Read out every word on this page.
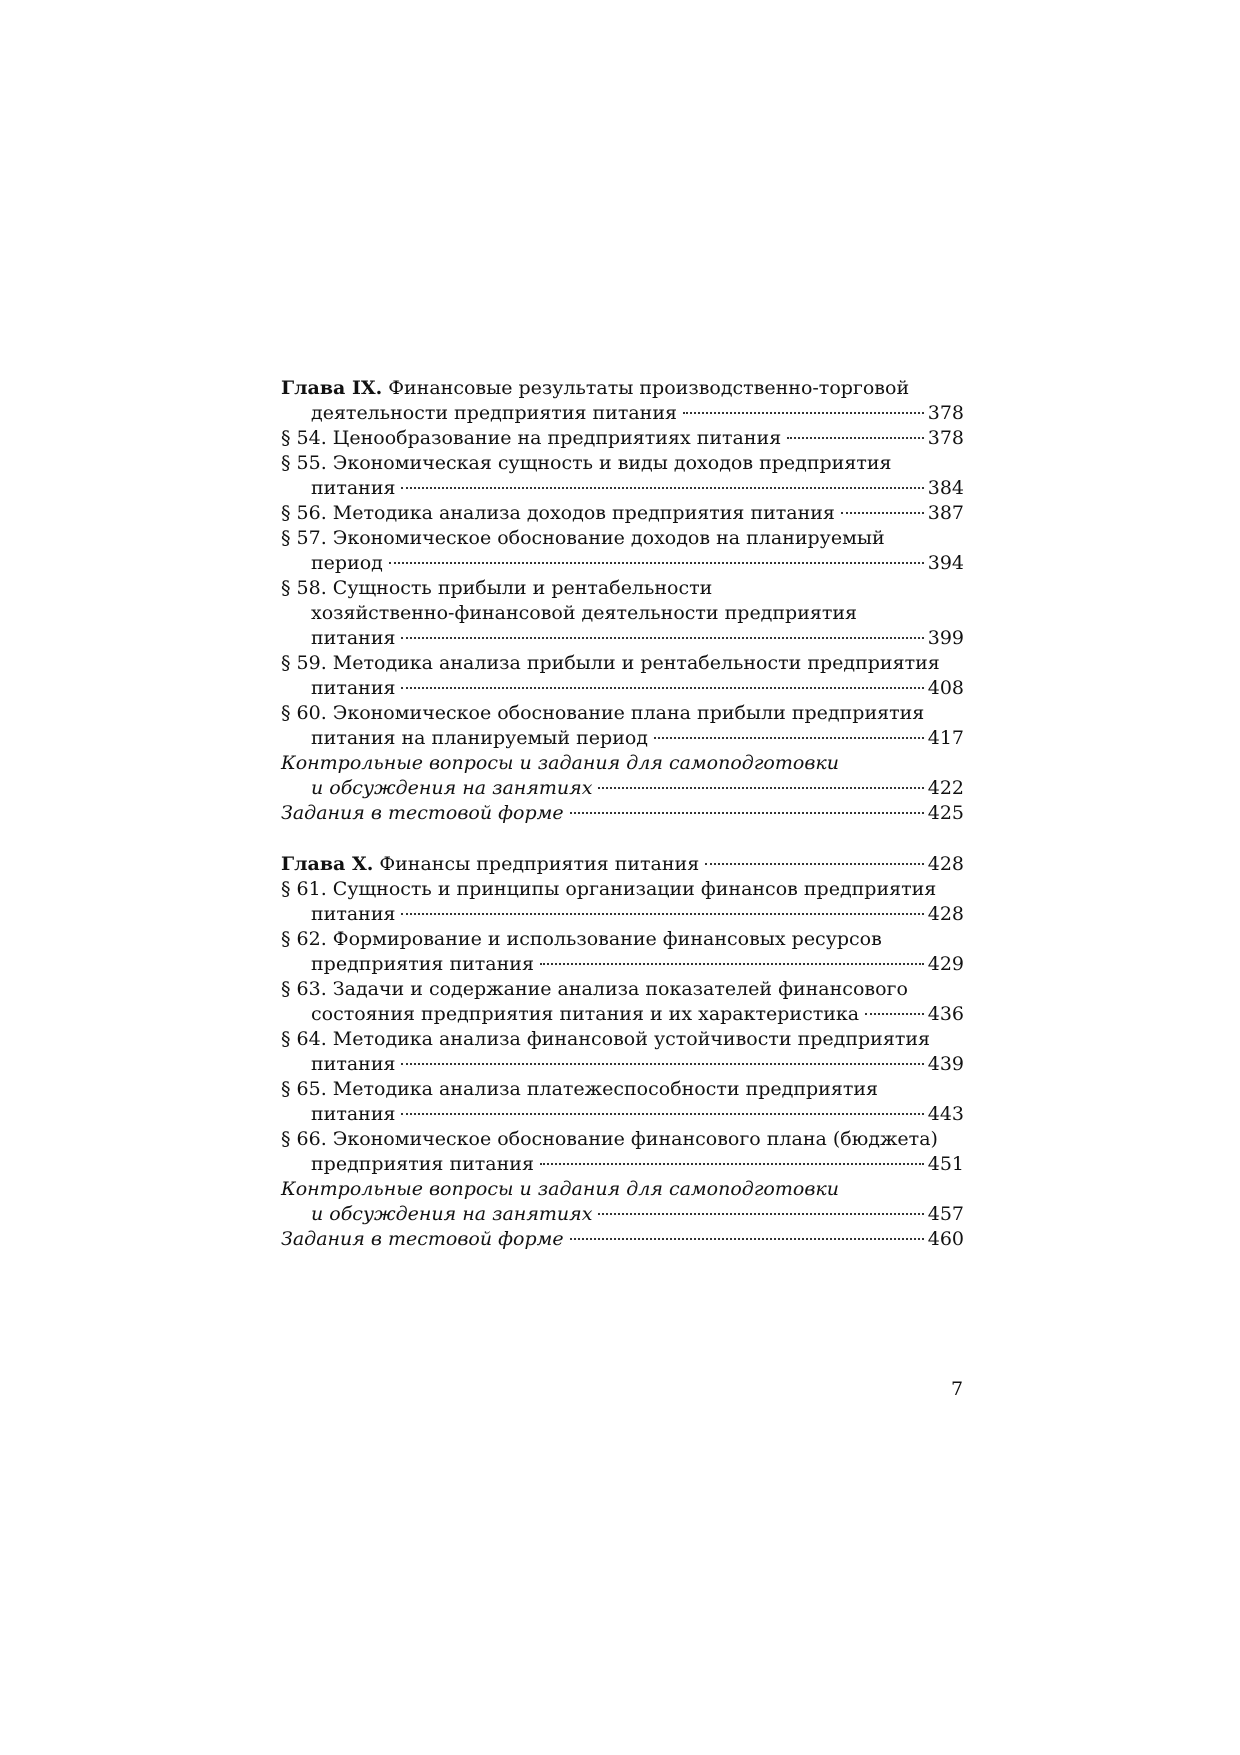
Глава IX. Финансовые результаты производственно-торговой
деятельности предприятия питания	378
§ 54. Ценообразование на предприятиях питания	378
§ 55. Экономическая сущность и виды доходов предприятия
питания	384
§ 56. Методика анализа доходов предприятия питания	387
§ 57. Экономическое обоснование доходов на планируемый
период	394
§ 58. Сущность прибыли и рентабельности
хозяйственно-финансовой деятельности предприятия
питания	399
§ 59. Методика анализа прибыли и рентабельности предприятия
питания	408
§ 60. Экономическое обоснование плана прибыли предприятия
питания на планируемый период	417
Контрольные вопросы и задания для самоподготовки
и обсуждения на занятиях	422
Задания в тестовой форме	425
Глава X. Финансы предприятия питания	428
§ 61. Сущность и принципы организации финансов предприятия
питания	428
§ 62. Формирование и использование финансовых ресурсов
предприятия питания	429
§ 63. Задачи и содержание анализа показателей финансового
состояния предприятия питания и их характеристика	436
§ 64. Методика анализа финансовой устойчивости предприятия
питания	439
§ 65. Методика анализа платежеспособности предприятия
питания	443
§ 66. Экономическое обоснование финансового плана (бюджета)
предприятия питания	451
Контрольные вопросы и задания для самоподготовки
и обсуждения на занятиях	457
Задания в тестовой форме	460
7
